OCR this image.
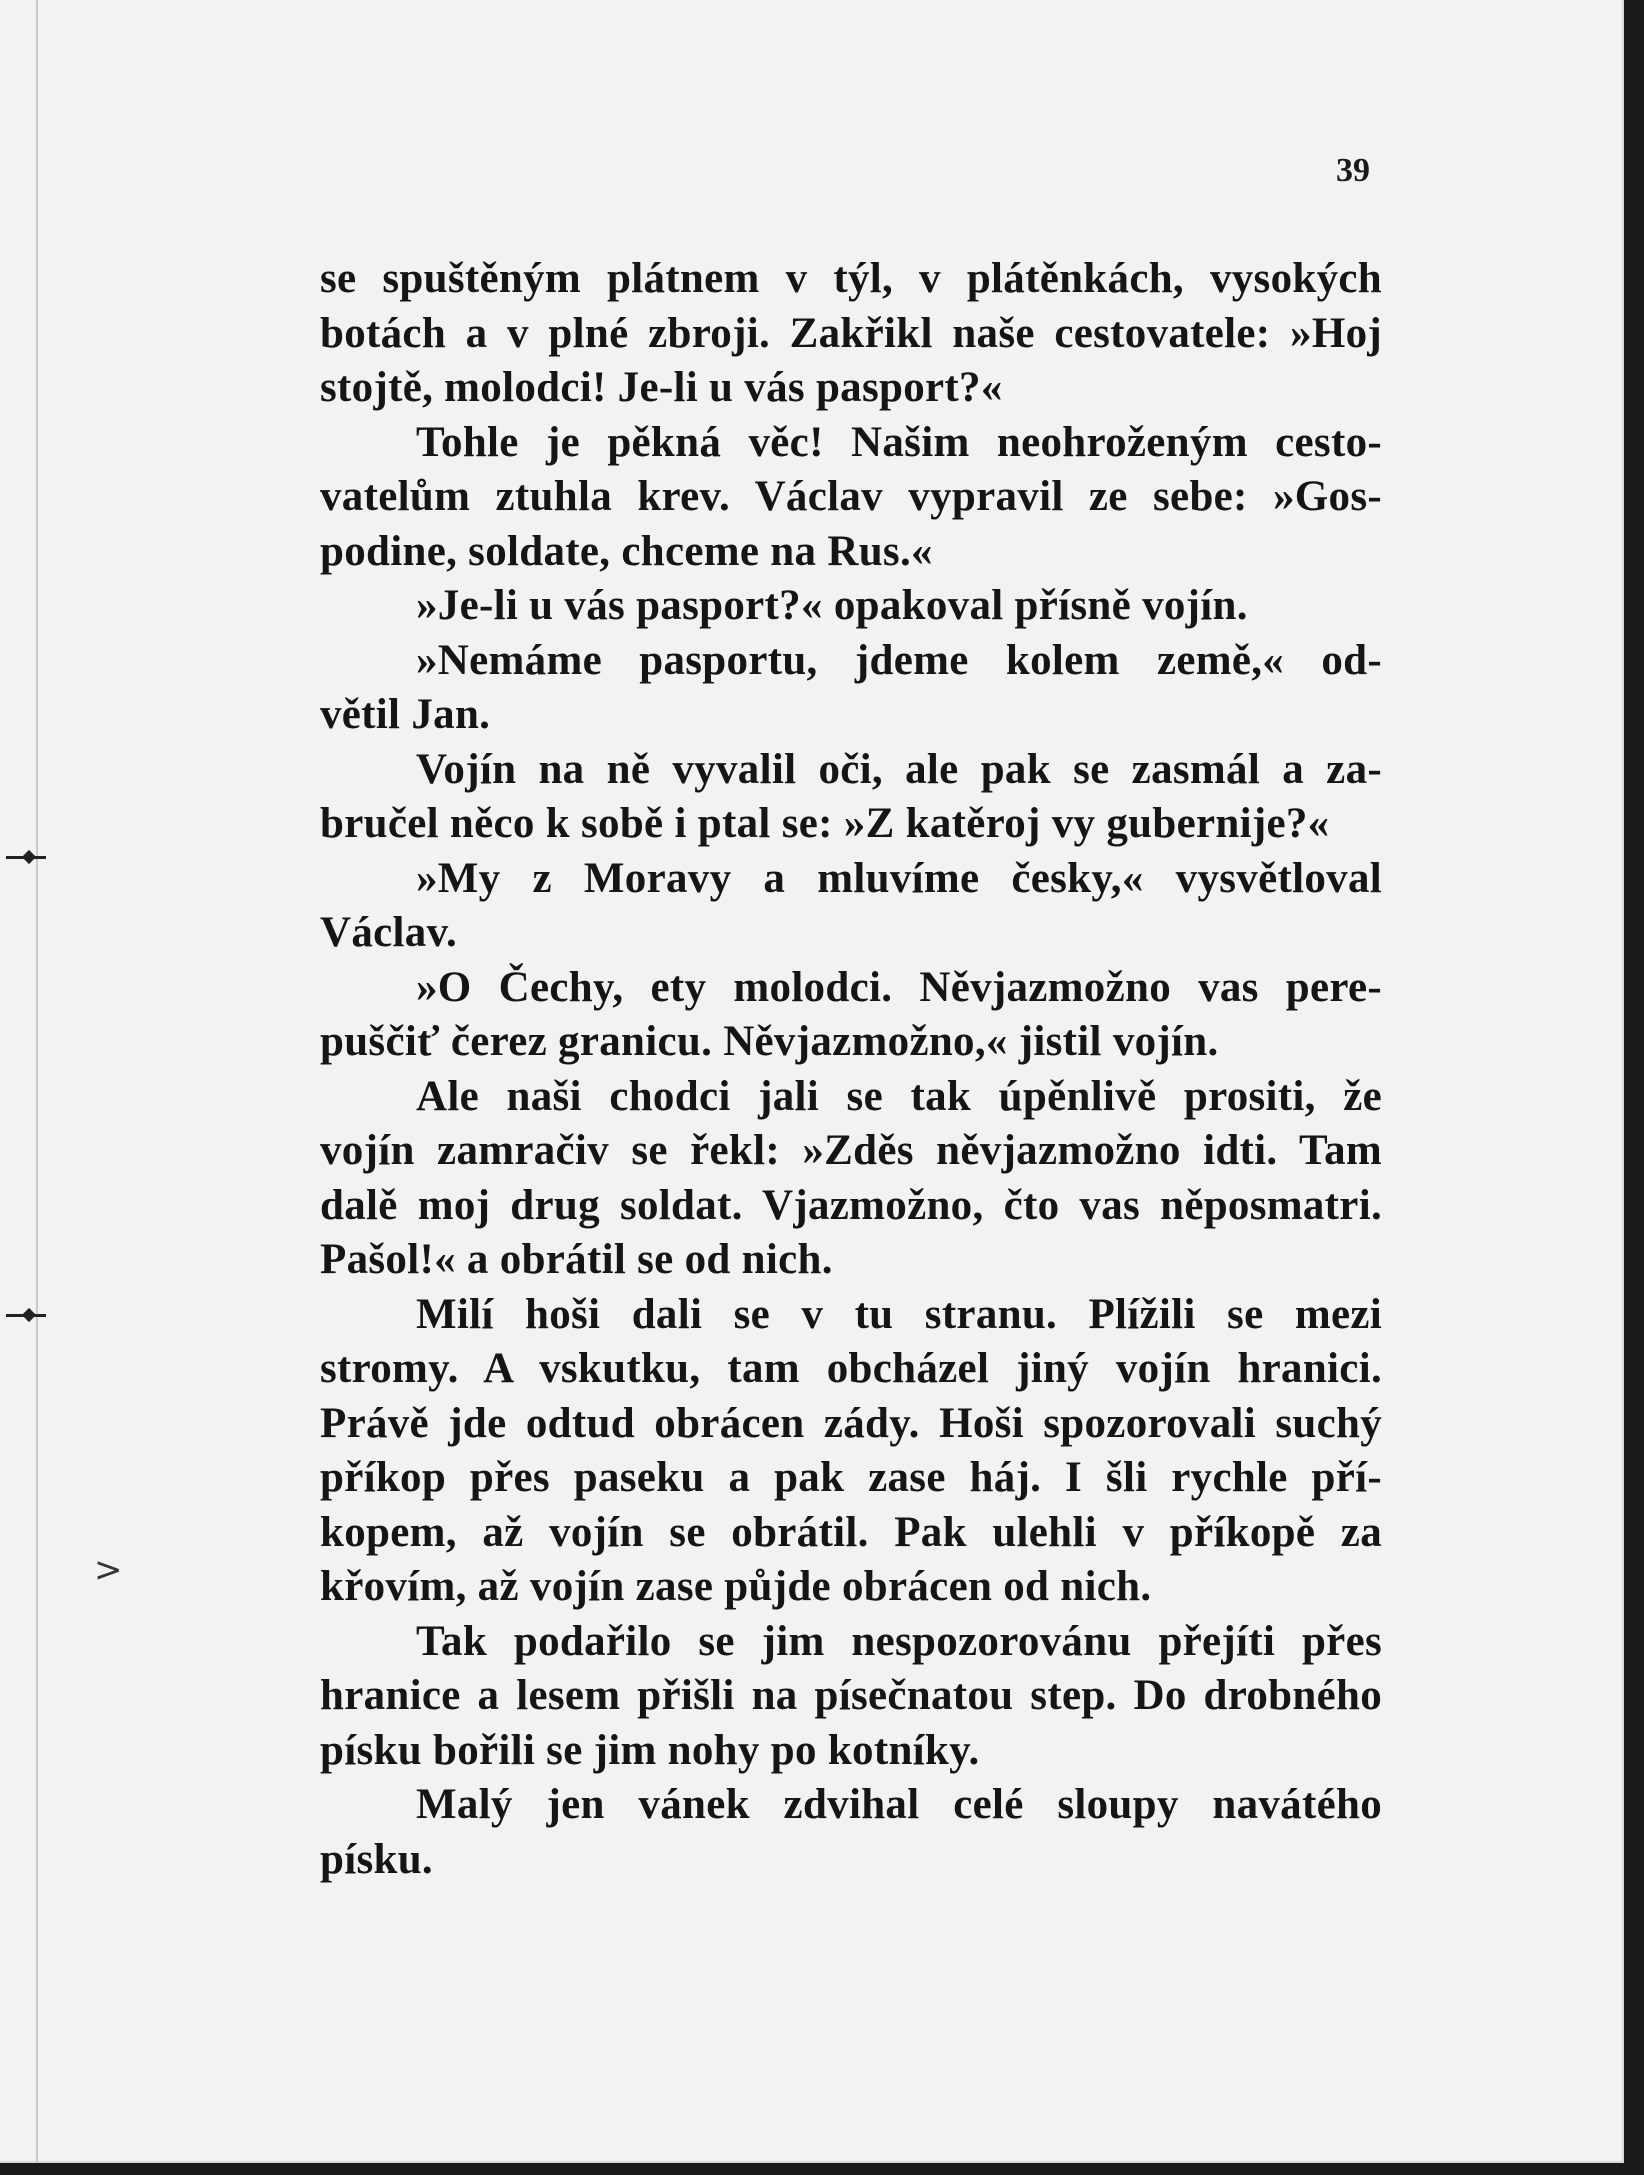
>
39
se spuštěným plátnem v týl, v plátěnkách, vysokých
botách a v plné zbroji. Zakřikl naše cestovatele: »Hoj
stojtě, molodci! Je-li u vás pasport?«
Tohle je pěkná věc! Našim neohroženým cesto-
vatelům ztuhla krev. Václav vypravil ze sebe: »Gos-
podine, soldate, chceme na Rus.«
»Je-li u vás pasport?« opakoval přísně vojín.
»Nemáme pasportu, jdeme kolem země,« od-
větil Jan.
Vojín na ně vyvalil oči, ale pak se zasmál a za-
bručel něco k sobě i ptal se: »Z katěroj vy gubernije?«
»My z Moravy a mluvíme česky,« vysvětloval
Václav.
»O Čechy, ety molodci. Něvjazmožno vas pere-
puščiť čerez granicu. Něvjazmožno,« jistil vojín.
Ale naši chodci jali se tak úpěnlivě prositi, že
vojín zamračiv se řekl: »Zděs něvjazmožno idti. Tam
dalě moj drug soldat. Vjazmožno, čto vas něposmatri.
Pašol!« a obrátil se od nich.
Milí hoši dali se v tu stranu. Plížili se mezi
stromy. A vskutku, tam obcházel jiný vojín hranici.
Právě jde odtud obrácen zády. Hoši spozorovali suchý
příkop přes paseku a pak zase háj. I šli rychle pří-
kopem, až vojín se obrátil. Pak ulehli v příkopě za
křovím, až vojín zase půjde obrácen od nich.
Tak podařilo se jim nespozorovánu přejíti přes
hranice a lesem přišli na písečnatou step. Do drobného
písku bořili se jim nohy po kotníky.
Malý jen vánek zdvihal celé sloupy navátého
písku.
